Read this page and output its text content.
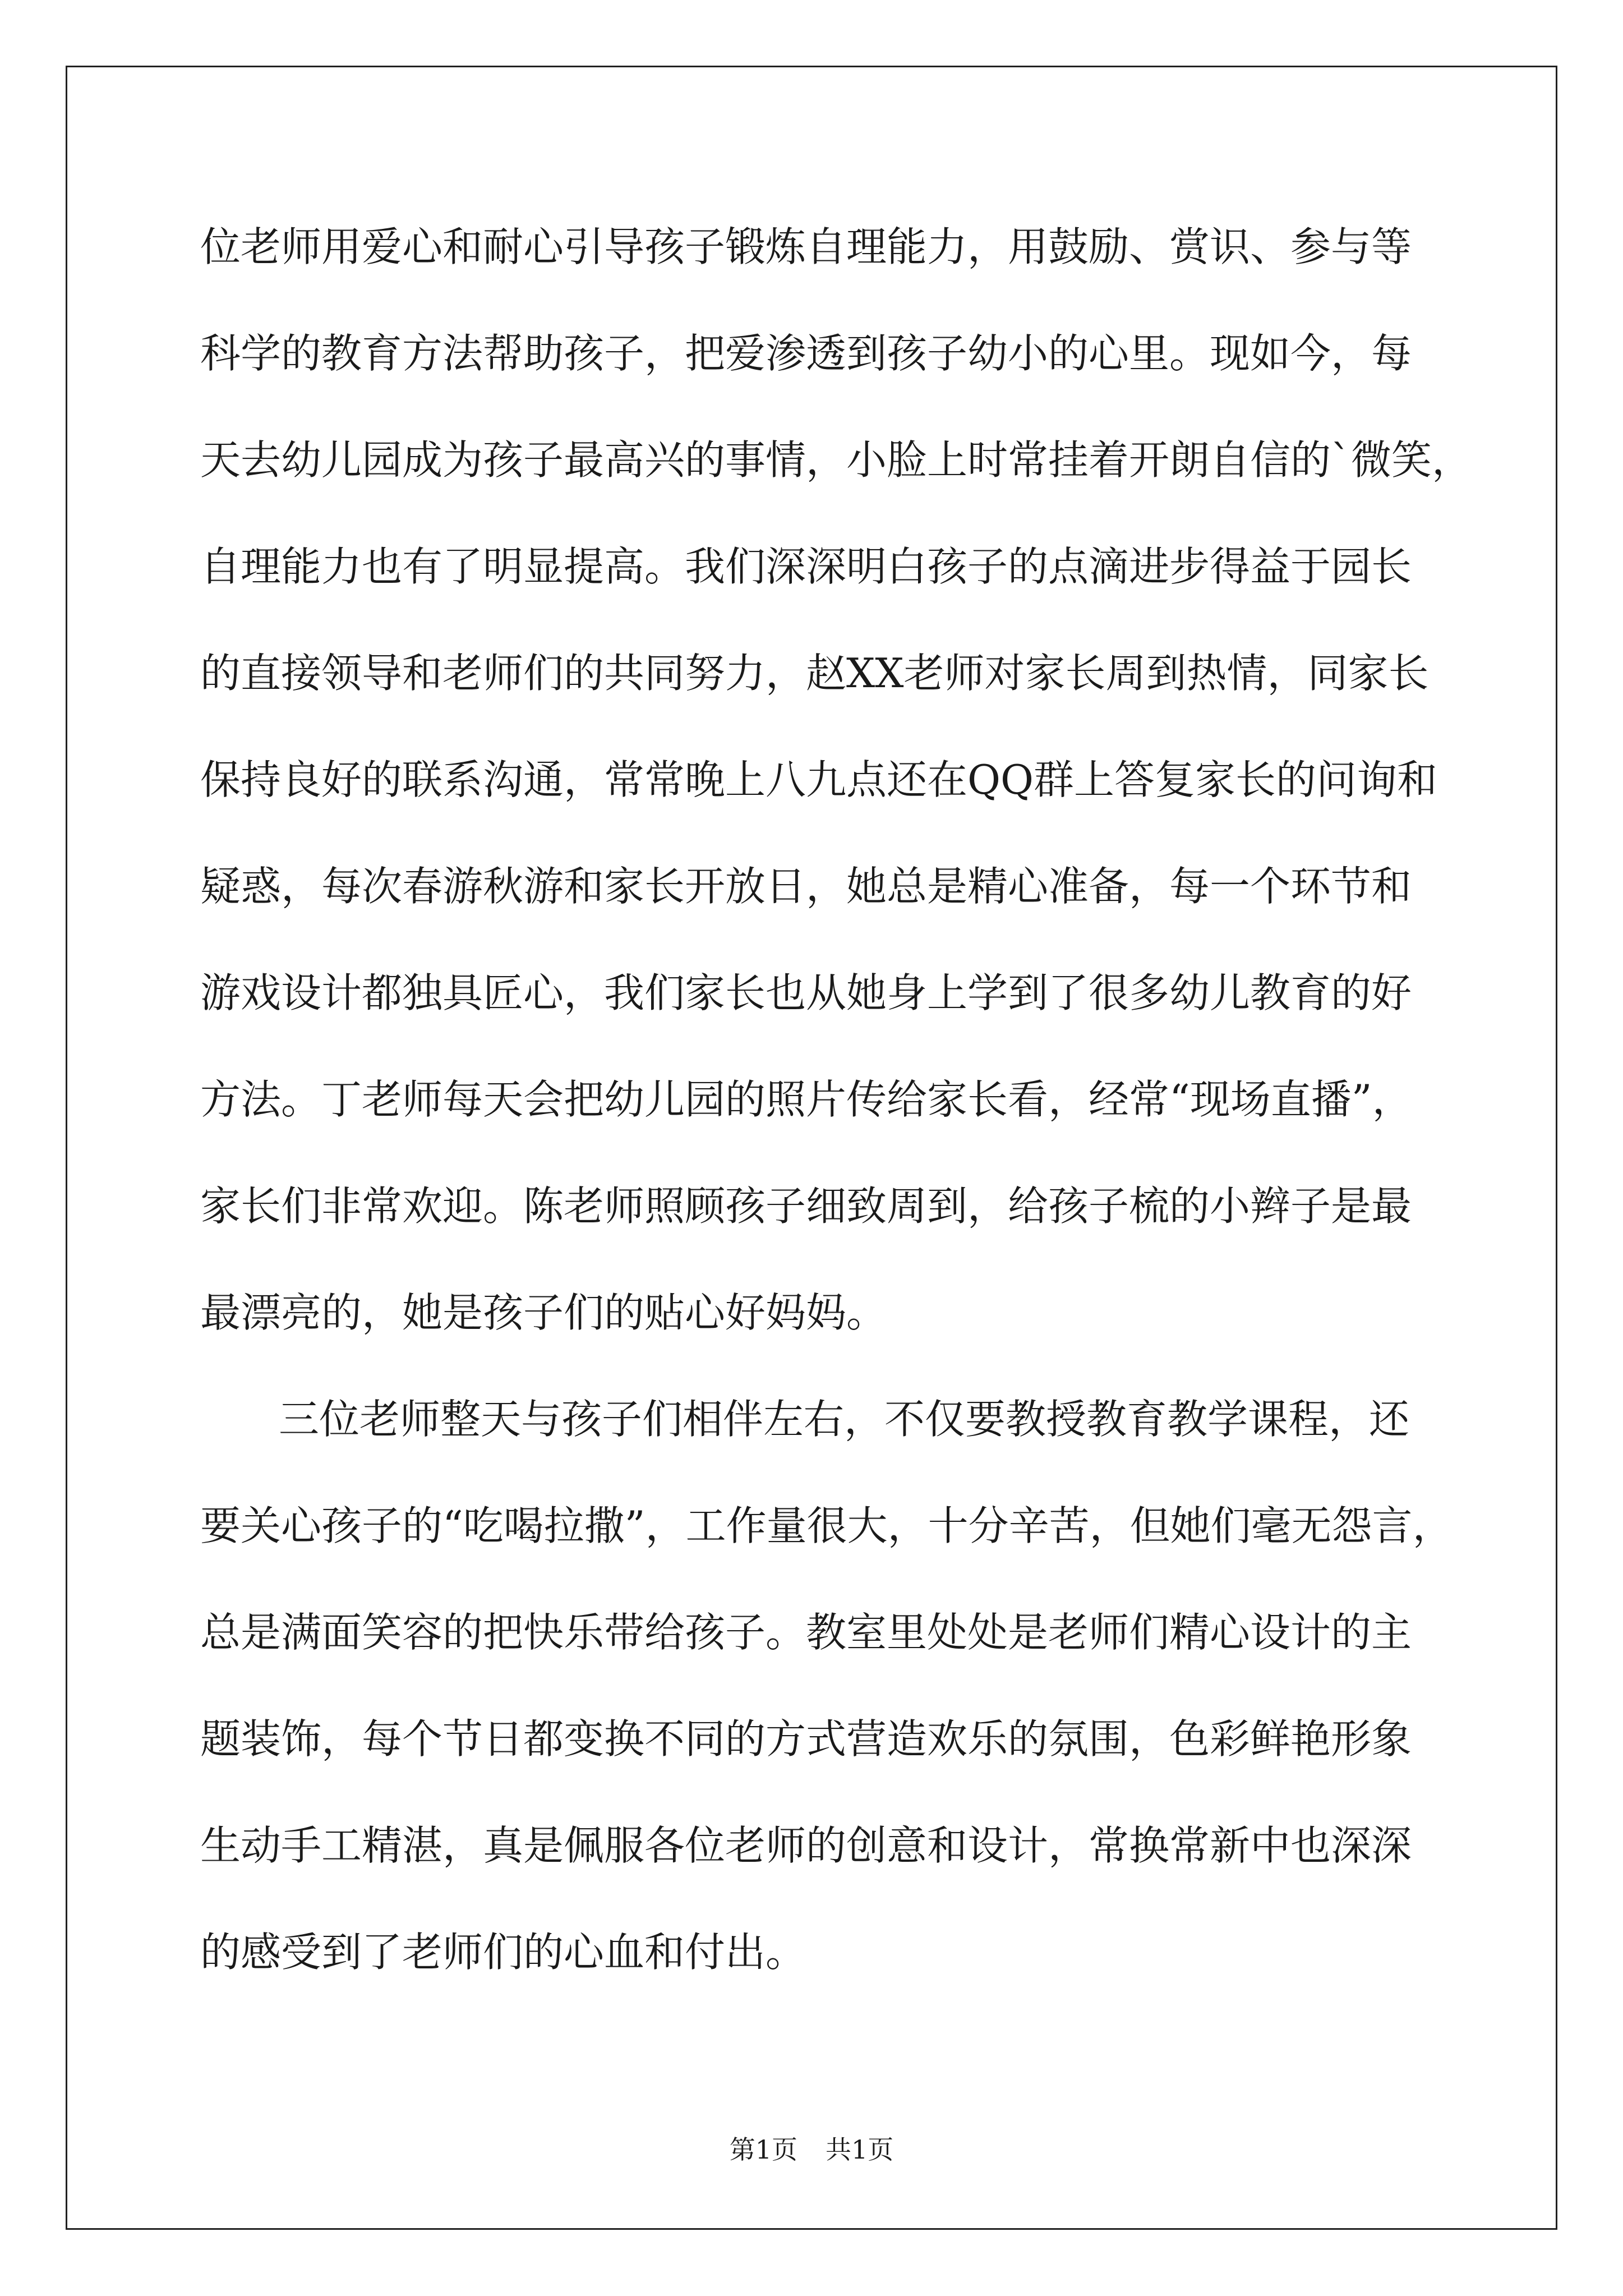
位老师用爱心和耐心引导孩子锻炼自理能力，用鼓励、赏识、参与等
科学的教育方法帮助孩子，把爱渗透到孩子幼小的心里。现如今，每
天去幼儿园成为孩子最高兴的事情，小脸上时常挂着开朗自信的`微笑，
自理能力也有了明显提高。我们深深明白孩子的点滴进步得益于园长
的直接领导和老师们的共同努力，赵XX老师对家长周到热情，同家长
保持良好的联系沟通，常常晚上八九点还在QQ群上答复家长的问询和
疑惑，每次春游秋游和家长开放日，她总是精心准备，每一个环节和
游戏设计都独具匠心，我们家长也从她身上学到了很多幼儿教育的好
方法。丁老师每天会把幼儿园的照片传给家长看，经常“现场直播”，
家长们非常欢迎。陈老师照顾孩子细致周到，给孩子梳的小辫子是最
最漂亮的，她是孩子们的贴心好妈妈。
三位老师整天与孩子们相伴左右，不仅要教授教育教学课程，还
要关心孩子的“吃喝拉撒”，工作量很大，十分辛苦，但她们毫无怨言，
总是满面笑容的把快乐带给孩子。教室里处处是老师们精心设计的主
题装饰，每个节日都变换不同的方式营造欢乐的氛围，色彩鲜艳形象
生动手工精湛，真是佩服各位老师的创意和设计，常换常新中也深深
的感受到了老师们的心血和付出。
第1页 共1页
